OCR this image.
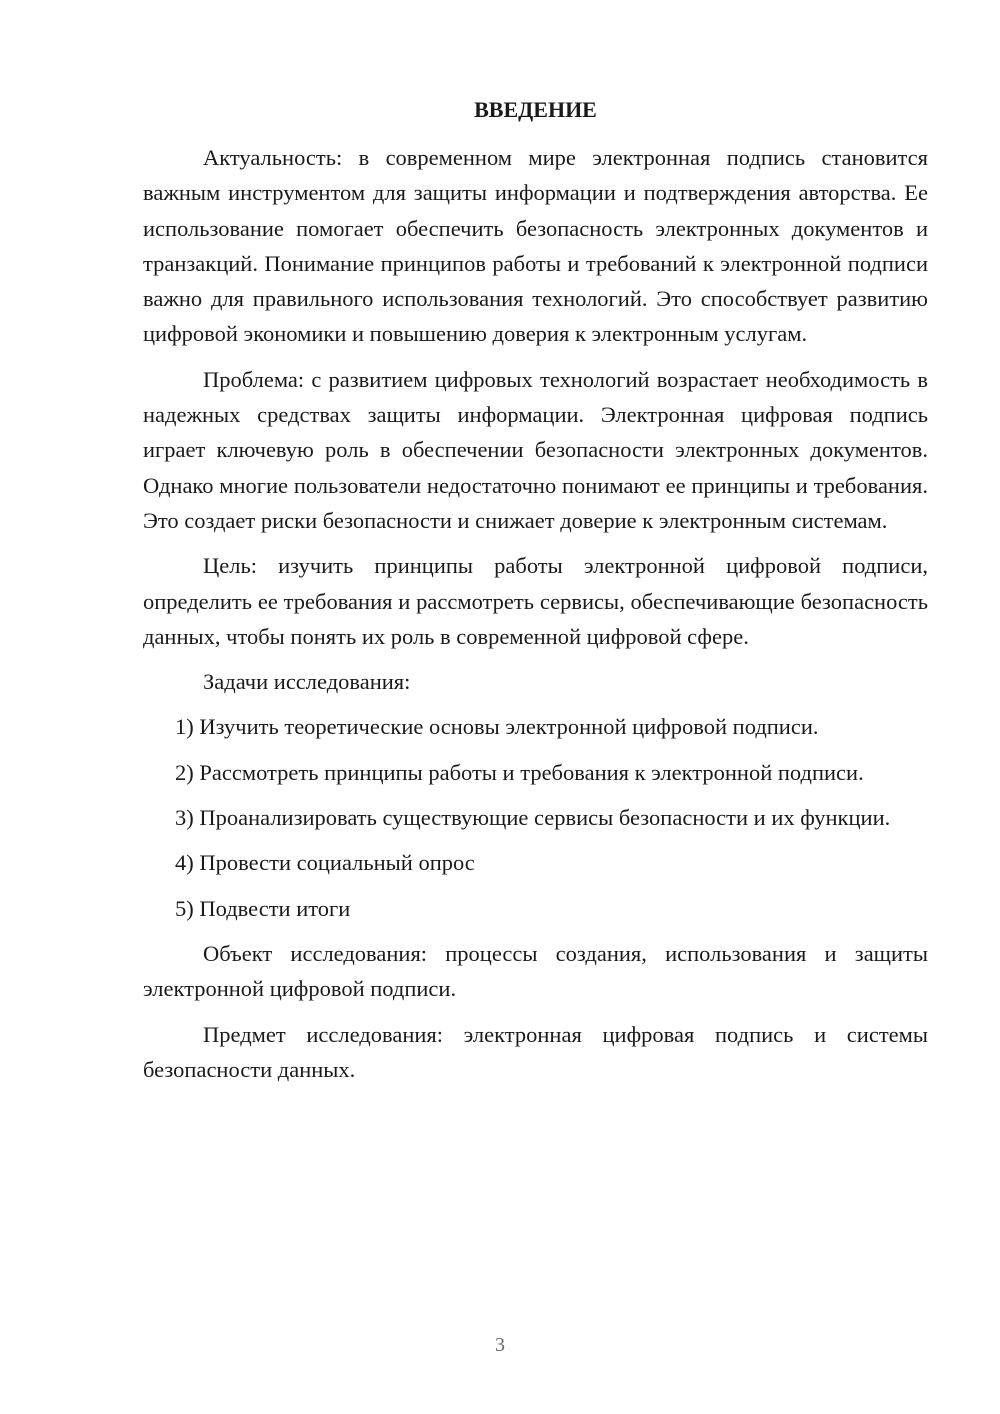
ВВЕДЕНИЕ

Актуальность: в современном мире электронная подпись становится важным инструментом для защиты информации и подтверждения авторства. Ее использование помогает обеспечить безопасность электронных документов и транзакций. Понимание принципов работы и требований к электронной подписи важно для правильного использования технологий. Это способствует развитию цифровой экономики и повышению доверия к электронным услугам.

Проблема: с развитием цифровых технологий возрастает необходимость в надежных средствах защиты информации. Электронная цифровая подпись играет ключевую роль в обеспечении безопасности электронных документов. Однако многие пользователи недостаточно понимают ее принципы и требования. Это создает риски безопасности и снижает доверие к электронным системам.

Цель: изучить принципы работы электронной цифровой подписи, определить ее требования и рассмотреть сервисы, обеспечивающие безопасность данных, чтобы понять их роль в современной цифровой сфере.

Задачи исследования:

1) Изучить теоретические основы электронной цифровой подписи.

2) Рассмотреть принципы работы и требования к электронной подписи.

3) Проанализировать существующие сервисы безопасности и их функции.

4) Провести социальный опрос

5) Подвести итоги

Объект исследования: процессы создания, использования и защиты электронной цифровой подписи.

Предмет исследования: электронная цифровая подпись и системы безопасности данных.

3
